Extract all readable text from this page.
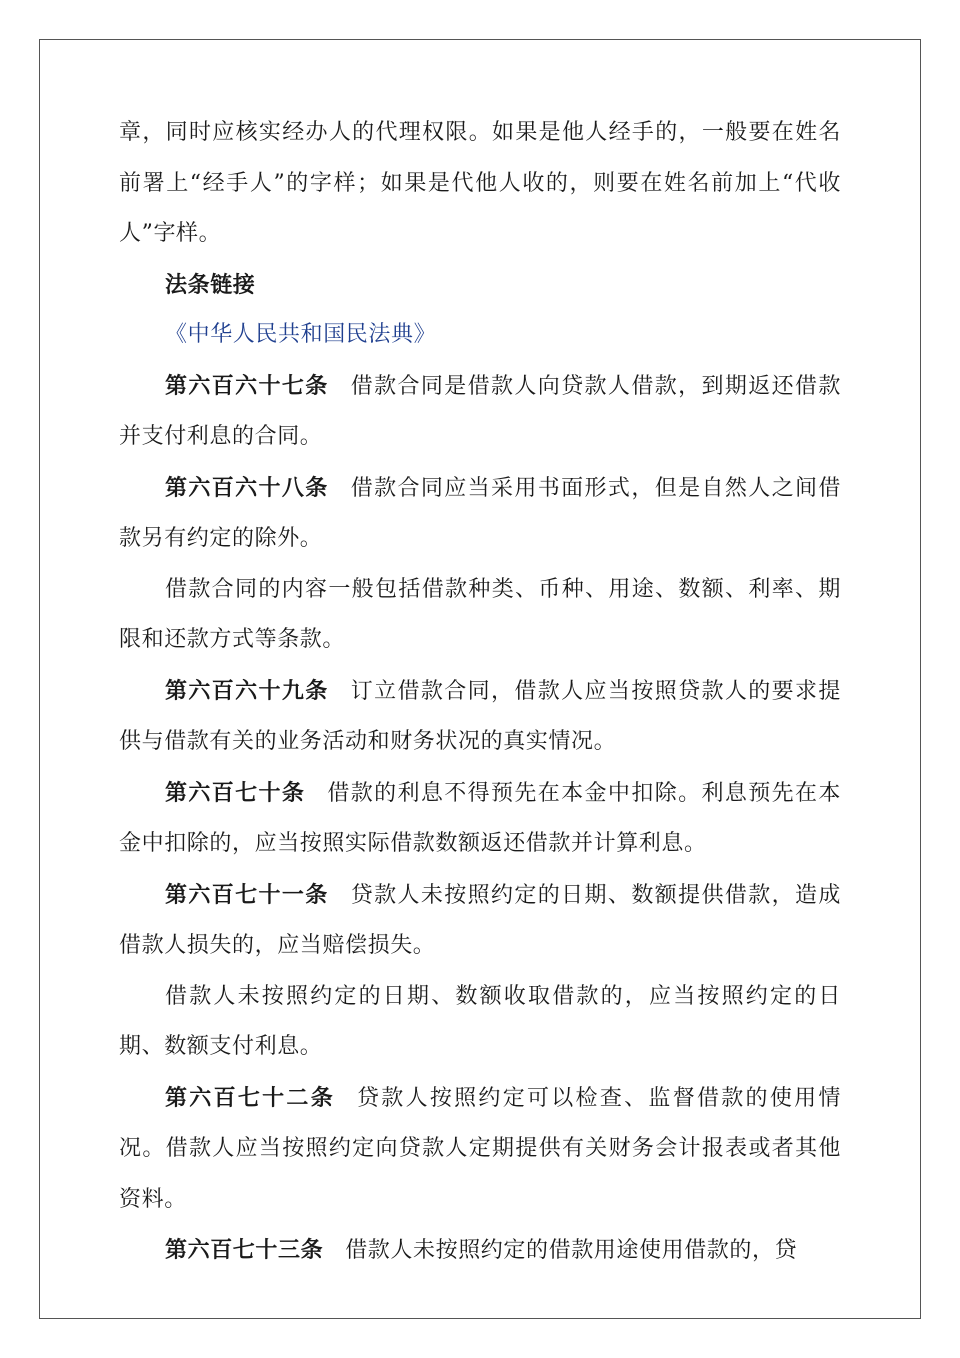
章，同时应核实经办人的代理权限。如果是他人经手的，一般要在姓名前署上“经手人”的字样；如果是代他人收的，则要在姓名前加上“代收人”字样。

法条链接

《中华人民共和国民法典》

第六百六十七条 借款合同是借款人向贷款人借款，到期返还借款并支付利息的合同。

第六百六十八条 借款合同应当采用书面形式，但是自然人之间借款另有约定的除外。

借款合同的内容一般包括借款种类、币种、用途、数额、利率、期限和还款方式等条款。

第六百六十九条 订立借款合同，借款人应当按照贷款人的要求提供与借款有关的业务活动和财务状况的真实情况。

第六百七十条 借款的利息不得预先在本金中扣除。利息预先在本金中扣除的，应当按照实际借款数额返还借款并计算利息。

第六百七十一条 贷款人未按照约定的日期、数额提供借款，造成借款人损失的，应当赔偿损失。

借款人未按照约定的日期、数额收取借款的，应当按照约定的日期、数额支付利息。

第六百七十二条 贷款人按照约定可以检查、监督借款的使用情况。借款人应当按照约定向贷款人定期提供有关财务会计报表或者其他资料。

第六百七十三条 借款人未按照约定的借款用途使用借款的，贷
